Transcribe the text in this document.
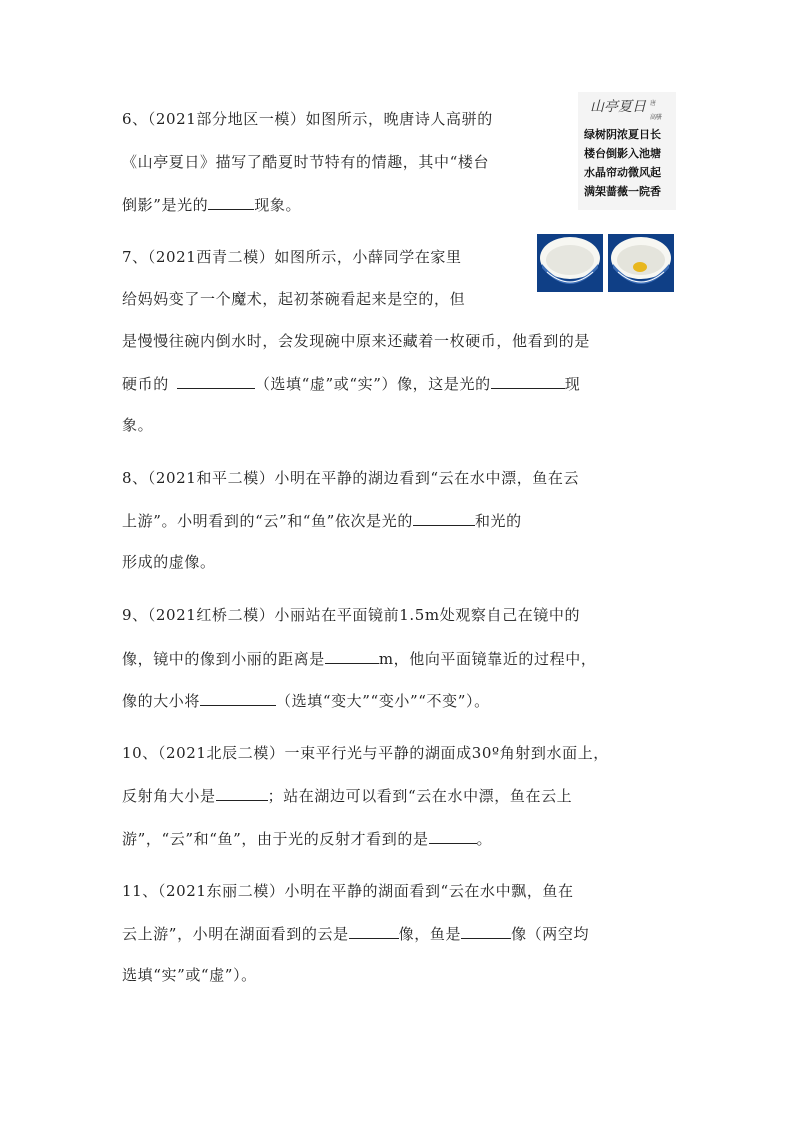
山亭夏日 唐
高骈
绿树阴浓夏日长
楼台倒影入池塘
水晶帘动微风起
满架蔷薇一院香

6、（2021部分地区一模）如图所示，晚唐诗人高骈的

《山亭夏日》描写了酷夏时节特有的情趣，其中“楼台

倒影”是光的	现象。

7、（2021西青二模）如图所示，小薛同学在家里

给妈妈变了一个魔术，起初茶碗看起来是空的，但

是慢慢往碗内倒水时，会发现碗中原来还藏着一枚硬币，他看到的是

硬币的	（选填“虚”或“实”）像，这是光的	现

象。

8、（2021和平二模）小明在平静的湖边看到“云在水中漂，鱼在云

上游”。小明看到的“云”和“鱼”依次是光的	和光的

形成的虚像。

9、（2021红桥二模）小丽站在平面镜前1.5m处观察自己在镜中的

像，镜中的像到小丽的距离是	m，他向平面镜靠近的过程中，

像的大小将	（选填“变大”“变小”“不变”）。

10、（2021北辰二模）一束平行光与平静的湖面成30º角射到水面上，

反射角大小是	；站在湖边可以看到“云在水中漂，鱼在云上

游”，“云”和“鱼”，由于光的反射才看到的是	。

11、（2021东丽二模）小明在平静的湖面看到“云在水中飘，鱼在

云上游”，小明在湖面看到的云是	像，鱼是	像（两空均

选填“实”或“虚”）。
